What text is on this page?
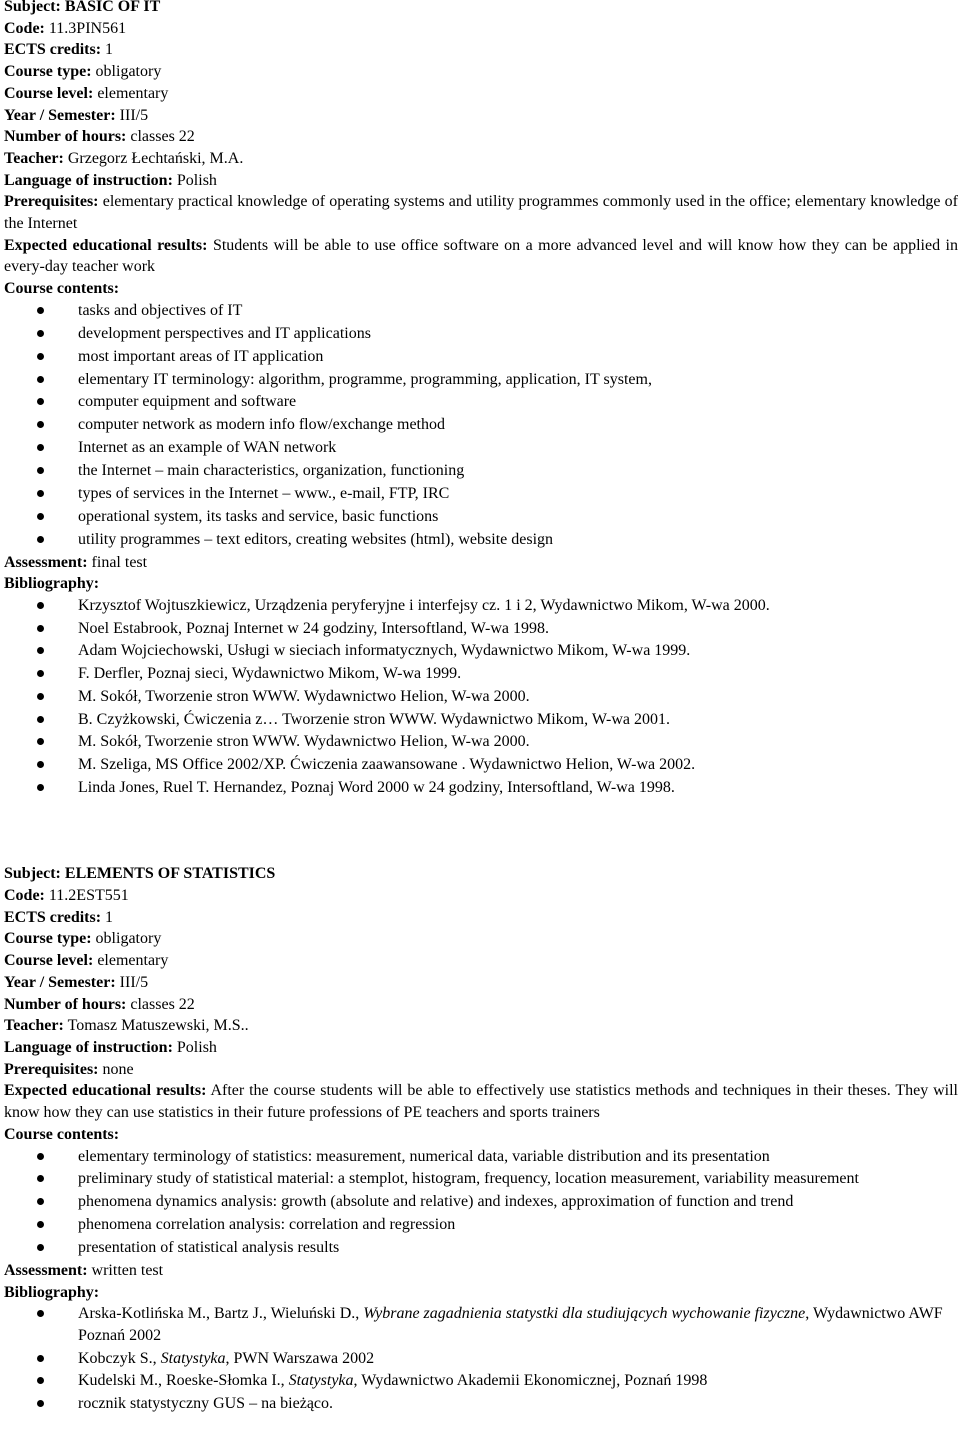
Subject: BASIC OF IT

Code: 11.3PIN561

ECTS credits: 1

Course type: obligatory

Course level: elementary

Year / Semester: III/5

Number of hours: classes 22

Teacher: Grzegorz Łechtański, M.A.

Language of instruction: Polish

Prerequisites: elementary practical knowledge of operating systems and utility programmes commonly used in the office; elementary knowledge of the Internet

Expected educational results: Students will be able to use office software on a more advanced level and will know how they can be applied in every-day teacher work

Course contents:

tasks and objectives of IT
development perspectives and IT applications
most important areas of IT application
elementary IT terminology: algorithm, programme, programming, application, IT system,
computer equipment and software
computer network as modern info flow/exchange method
Internet as an example of WAN network
the Internet – main characteristics, organization, functioning
types of services in the Internet – www., e-mail, FTP, IRC
operational system, its tasks and service, basic functions
utility programmes – text editors, creating websites (html), website design

Assessment: final test

Bibliography:

Krzysztof Wojtuszkiewicz, Urządzenia peryferyjne i interfejsy cz. 1 i 2, Wydawnictwo Mikom, W-wa 2000.
Noel Estabrook, Poznaj Internet w 24 godziny, Intersoftland, W-wa 1998.
Adam Wojciechowski, Usługi w sieciach informatycznych, Wydawnictwo Mikom, W-wa 1999.
F. Derfler, Poznaj sieci, Wydawnictwo Mikom, W-wa 1999.
M. Sokół, Tworzenie stron WWW. Wydawnictwo Helion, W-wa 2000.
B. Czyżkowski, Ćwiczenia z… Tworzenie stron WWW. Wydawnictwo Mikom, W-wa 2001.
M. Sokół, Tworzenie stron WWW. Wydawnictwo Helion, W-wa 2000.
M. Szeliga, MS Office 2002/XP. Ćwiczenia zaawansowane . Wydawnictwo Helion, W-wa 2002.
Linda Jones, Ruel T. Hernandez, Poznaj Word 2000 w 24 godziny, Intersoftland, W-wa 1998.

Subject: ELEMENTS OF STATISTICS

Code: 11.2EST551

ECTS credits: 1

Course type: obligatory

Course level: elementary

Year / Semester: III/5

Number of hours: classes 22

Teacher: Tomasz Matuszewski, M.S..

Language of instruction: Polish

Prerequisites: none

Expected educational results: After the course students will be able to effectively use statistics methods and techniques in their theses. They will know how they can use statistics in their future professions of PE teachers and sports trainers

Course contents:

elementary terminology of statistics: measurement, numerical data, variable distribution and its presentation
preliminary study of statistical material: a stemplot, histogram, frequency, location measurement, variability measurement
phenomena dynamics analysis: growth (absolute and relative) and indexes, approximation of function and trend
phenomena correlation analysis: correlation and regression
presentation of statistical analysis results

Assessment: written test

Bibliography:

Arska-Kotlińska M., Bartz J., Wieluński D., Wybrane zagadnienia statystki dla studiujących wychowanie fizyczne, Wydawnictwo AWF Poznań 2002
Kobczyk S., Statystyka, PWN Warszawa 2002
Kudelski M., Roeske-Słomka I., Statystyka, Wydawnictwo Akademii Ekonomicznej, Poznań 1998
rocznik statystyczny GUS – na bieżąco.
